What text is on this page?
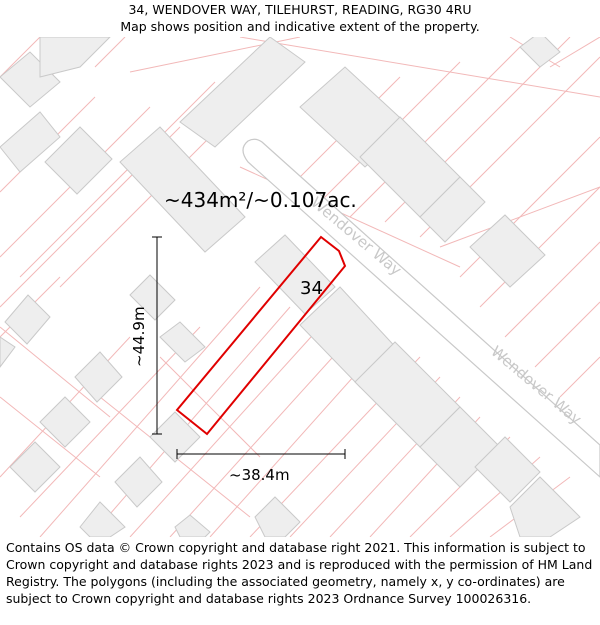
34, WENDOVER WAY, TILEHURST, READING, RG30 4RU
Map shows position and indicative extent of the property.
Wendover Way
Wendover Way
~434m²/~0.107ac.
34
~44.9m
~38.4m
Contains OS data © Crown copyright and database right 2021. This information is subject to Crown copyright and database rights 2023 and is reproduced with the permission of HM Land Registry. The polygons (including the associated geometry, namely x, y co-ordinates) are subject to Crown copyright and database rights 2023 Ordnance Survey 100026316.
